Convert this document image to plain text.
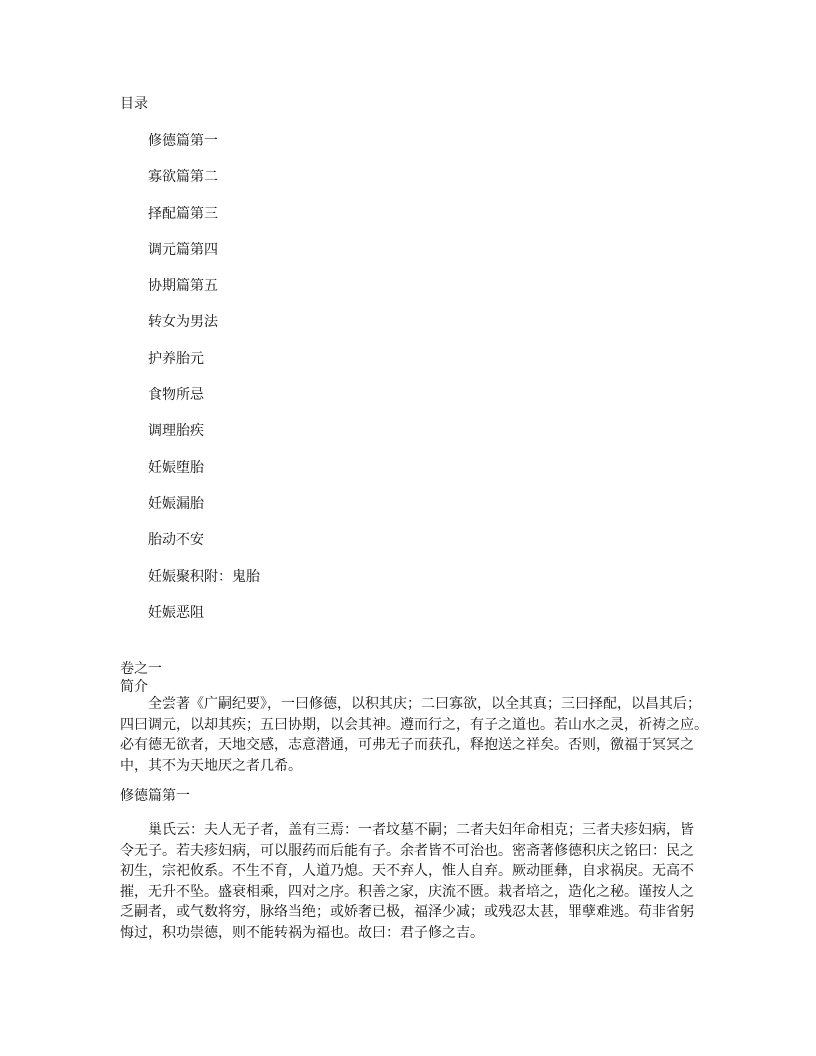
目录
修德篇第一
寡欲篇第二
择配篇第三
调元篇第四
协期篇第五
转女为男法
护养胎元
食物所忌
调理胎疾
妊娠堕胎
妊娠漏胎
胎动不安
妊娠聚积附：鬼胎
妊娠恶阻
卷之一
简介

全尝著《广嗣纪要》，一曰修德，以积其庆；二曰寡欲，以全其真；三曰择配，以昌其后；
四曰调元，以却其疾；五曰协期，以会其神。遵而行之，有子之道也。若山水之灵，祈祷之应。
必有德无欲者，天地交感，志意潜通，可弗无子而获孔，释抱送之祥矣。否则，徼福于冥冥之
中，其不为天地厌之者几希。

修德篇第一

巢氏云：夫人无子者，盖有三焉：一者坟墓不嗣；二者夫妇年命相克；三者夫疹妇病，皆
令无子。若夫疹妇病，可以服药而后能有子。余者皆不可治也。密斋著修德积庆之铭曰：民之
初生，宗祀攸系。不生不育，人道乃熄。天不弃人，惟人自弃。厥动匪彝，自求祸戾。无高不
摧，无升不坠。盛衰相乘，四对之序。积善之家，庆流不匮。栽者培之，造化之秘。谨按人之
乏嗣者，或气数将穷，脉络当绝；或娇奢已极，福泽少减；或残忍太甚，罪孽难逃。苟非省躬
悔过，积功崇德，则不能转祸为福也。故曰：君子修之吉。
